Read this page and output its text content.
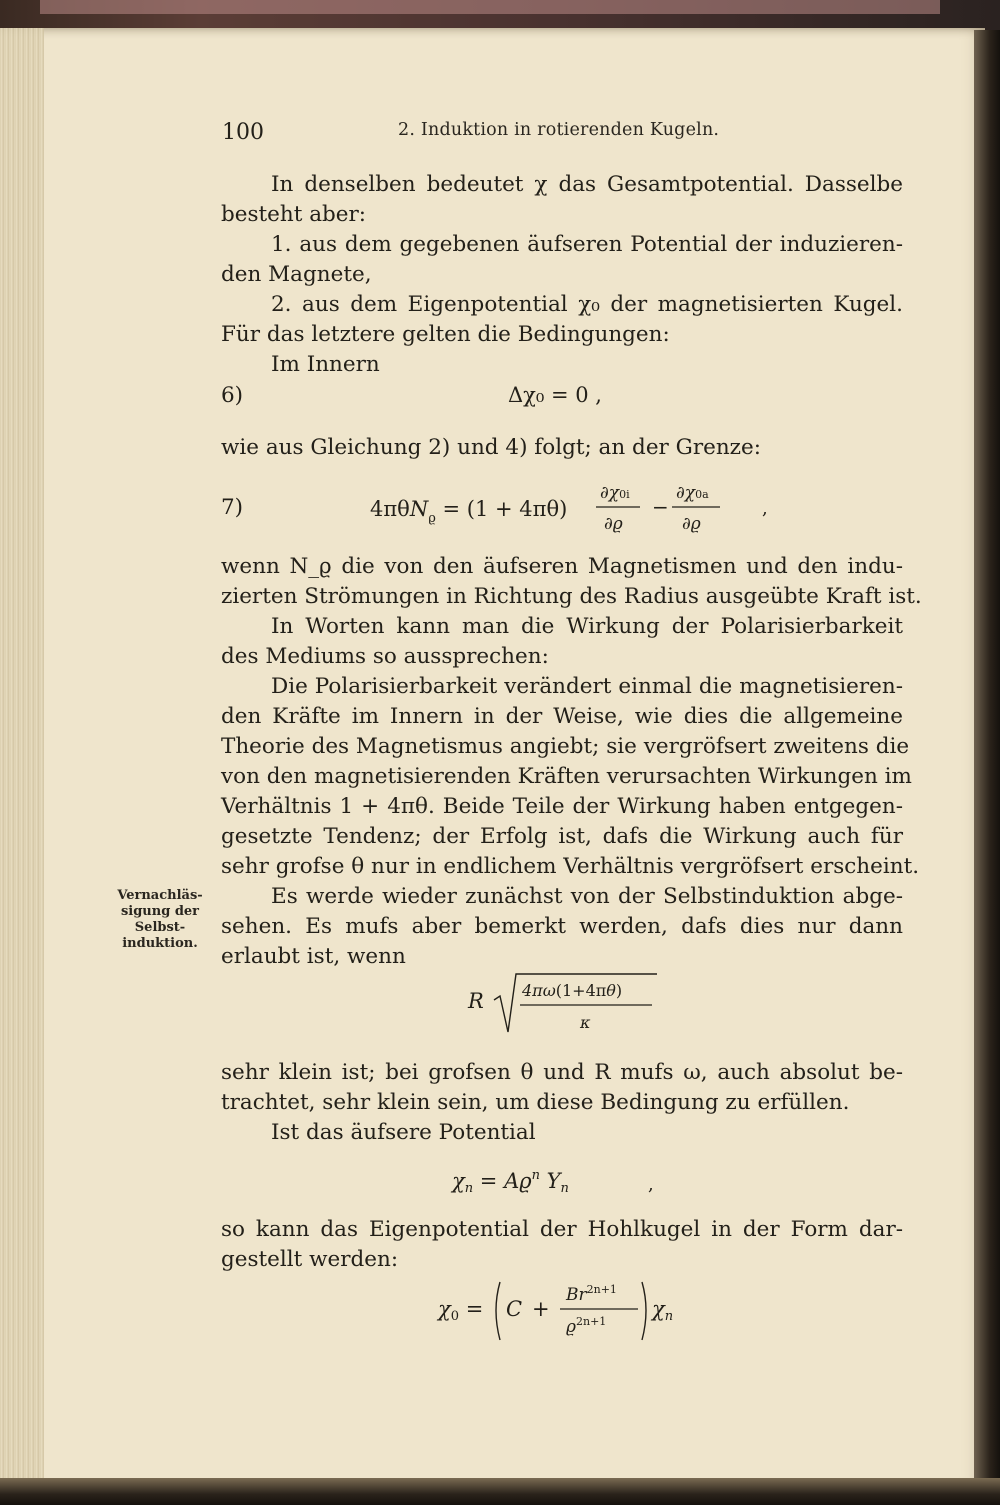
100	2. Induktion in rotierenden Kugeln.
Vernachläs-
sigung der
Selbst-
induktion.
In denselben bedeutet χ das Gesamtpotential. Dasselbe
besteht aber:
1. aus dem gegebenen äufseren Potential der induzieren-
den Magnete,
2. aus dem Eigenpotential χ₀ der magnetisierten Kugel.
Für das letztere gelten die Bedingungen:
Im Innern
6)	Δχ₀ = 0 ,
wie aus Gleichung 2) und 4) folgt; an der Grenze:
7)	4πθN$_ϱ$ = (1 + 4πθ)
∂χ0i
∂ϱ
−
∂χ0a
∂ϱ
,
wenn N_ϱ die von den äufseren Magnetismen und den indu-
zierten Strömungen in Richtung des Radius ausgeübte Kraft ist.
In Worten kann man die Wirkung der Polarisierbarkeit
des Mediums so aussprechen:
Die Polarisierbarkeit verändert einmal die magnetisieren-
den Kräfte im Innern in der Weise, wie dies die allgemeine
Theorie des Magnetismus angiebt; sie vergröfsert zweitens die
von den magnetisierenden Kräften verursachten Wirkungen im
Verhältnis 1 + 4πθ. Beide Teile der Wirkung haben entgegen-
gesetzte Tendenz; der Erfolg ist, dafs die Wirkung auch für
sehr grofse θ nur in endlichem Verhältnis vergröfsert erscheint.
Es werde wieder zunächst von der Selbstinduktion abge-
sehen. Es mufs aber bemerkt werden, dafs dies nur dann
erlaubt ist, wenn
R 4πω(1+4πθ)
κ
sehr klein ist; bei grofsen θ und R mufs ω, auch absolut be-
trachtet, sehr klein sein, um diese Bedingung zu erfüllen.
Ist das äufsere Potential
$\chi n = Aϱ^n$ Yn	,
so kann das Eigenpotential der Hohlkugel in der Form dar-
gestellt werden:
χ0 = C +
$Br^{2n+1}$
$ϱ^{2n+1}$
χn
